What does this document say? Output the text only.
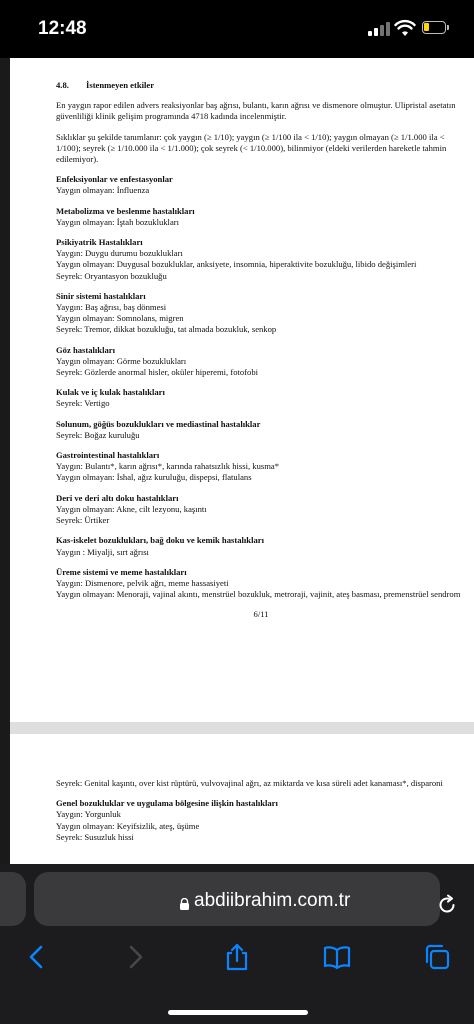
12:48

4.8. İstenmeyen etkiler

En yaygın rapor edilen advers reaksiyonlar baş ağrısı, bulantı, karın ağrısı ve dismenore olmuştur. Ulipristal asetatın güvenliliği klinik gelişim programında 4718 kadında incelenmiştir.

Sıklıklar şu şekilde tanımlanır: çok yaygın (≥ 1/10); yaygın (≥ 1/100 ila < 1/10); yaygın olmayan (≥ 1/1.000 ila < 1/100); seyrek (≥ 1/10.000 ila < 1/1.000); çok seyrek (< 1/10.000), bilinmiyor (eldeki verilerden hareketle tahmin edilemiyor).

Enfeksiyonlar ve enfestasyonlar

Yaygın olmayan: İnfluenza

Metabolizma ve beslenme hastalıkları

Yaygın olmayan: İştah bozuklukları

Psikiyatrik Hastalıkları

Yaygın: Duygu durumu bozuklukları

Yaygın olmayan: Duygusal bozukluklar, anksiyete, insomnia, hiperaktivite bozukluğu, libido değişimleri

Seyrek: Oryantasyon bozukluğu

Sinir sistemi hastalıkları

Yaygın: Baş ağrısı, baş dönmesi

Yaygın olmayan: Somnolans, migren

Seyrek: Tremor, dikkat bozukluğu, tat almada bozukluk, senkop

Göz hastalıkları

Yaygın olmayan: Görme bozuklukları

Seyrek: Gözlerde anormal hisler, oküler hiperemi, fotofobi

Kulak ve iç kulak hastalıkları

Seyrek: Vertigo

Solunum, göğüs bozuklukları ve mediastinal hastalıklar

Seyrek: Boğaz kuruluğu

Gastrointestinal hastalıkları

Yaygın: Bulantı*, karın ağrısı*, karında rahatsızlık hissi, kusma*

Yaygın olmayan: İshal, ağız kuruluğu, dispepsi, flatulans

Deri ve deri altı doku hastalıkları

Yaygın olmayan: Akne, cilt lezyonu, kaşıntı

Seyrek: Ürtiker

Kas-iskelet bozuklukları, bağ doku ve kemik hastalıkları

Yaygın : Miyalji, sırt ağrısı

Üreme sistemi ve meme hastalıkları

Yaygın: Dismenore, pelvik ağrı, meme hassasiyeti

Yaygın olmayan: Menoraji, vajinal akıntı, menstrüel bozukluk, metroraji, vajinit, ateş basması, premenstrüel sendrom

6/11

Seyrek: Genital kaşıntı, over kist rüptürü, vulvovajinal ağrı, az miktarda ve kısa süreli adet kanaması*, disparoni

Genel bozukluklar ve uygulama bölgesine ilişkin hastalıkları

Yaygın: Yorgunluk

Yaygın olmayan: Keyifsizlik, ateş, üşüme

Seyrek: Susuzluk hissi

abdiibrahim.com.tr
